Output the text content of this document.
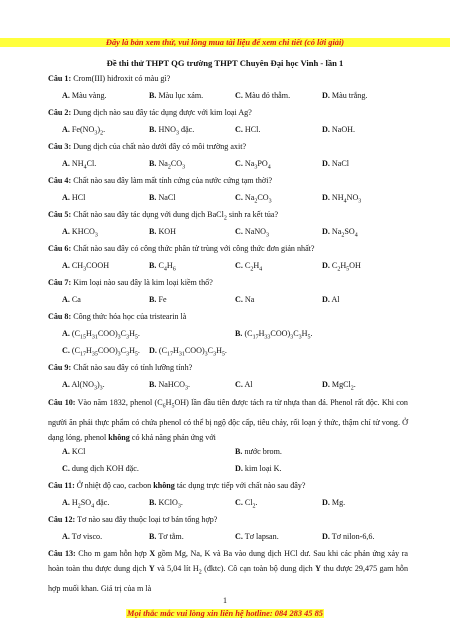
Đây là bản xem thử, vui lòng mua tài liệu để xem chi tiết (có lời giải)
Đề thi thử THPT QG trường THPT Chuyên Đại học Vinh - lần 1
Câu 1: Crom(III) hiđroxit có màu gì?
A. Màu vàng.	B. Màu lục xám.	C. Màu đỏ thẫm.	D. Màu trắng.
Câu 2: Dung dịch nào sau đây tác dụng được với kim loại Ag?
A. $Fe(NO_3)_2$.	B. $HNO_3$ đặc.	C. HCl.	D. NaOH.
Câu 3: Dung dịch của chất nào dưới đây có môi trường axit?
A. $NH_4Cl$.	B. $Na_2CO_3$	C. $Na_3PO_4$	D. NaCl
Câu 4: Chất nào sau đây làm mất tính cứng của nước cứng tạm thời?
A. HCl	B. NaCl	C. $Na_2CO_3$	D. $NH_4NO_3$
Câu 5: Chất nào sau đây tác dụng với dung dịch BaCl$_2$ sinh ra kết tủa?
A. $KHCO_3$	B. KOH	C. NaNO$_3$	D. $Na_2SO_4$
Câu 6: Chất nào sau đây có công thức phân tử trùng với công thức đơn giản nhất?
A. $CH_3COOH$	B. $C_4H_6$	C. $C_2H_4$	D. $C_2H_5OH$
Câu 7: Kim loại nào sau đây là kim loại kiềm thổ?
A. Ca	B. Fe	C. Na	D. Al
Câu 8: Công thức hóa học của tristearin là
A. $(C_{15}H_{31}COO)_3C_3H_5$.	B. $(C_{17}H_{33}COO)_3C_3H_5$.
C. $(C_{17}H_{35}COO)_3C_3H_5$. D. $(C_{17}H_{31}COO)_3C_3H_5$.
Câu 9: Chất nào sau đây có tính lưỡng tính?
A. $Al(NO_3)_3$.	B. NaHCO$_3$.	C. Al	D. MgCl$_2$.
Câu 10: Vào năm 1832, phenol $(C_6H_5OH)$ lần đầu tiên được tách ra từ nhựa than đá. Phenol rất độc. Khi con người ăn phải thực phẩm có chứa phenol có thể bị ngộ độc cấp, tiêu chảy, rối loạn ý thức, thậm chí tử vong. Ở dạng lỏng, phenol không có khả năng phản ứng với
A. KCl	B. nước brom.
C. dung dịch KOH đặc.	D. kim loại K.
Câu 11: Ở nhiệt độ cao, cacbon không tác dụng trực tiếp với chất nào sau đây?
A. $H_2SO_4$ đặc.	B. KClO$_3$.	C. $Cl_2$.	D. Mg.
Câu 12: Tơ nào sau đây thuộc loại tơ bán tổng hợp?
A. Tơ visco.	B. Tơ tằm.	C. Tơ lapsan.	D. Tơ nilon-6,6.
Câu 13: Cho m gam hỗn hợp X gồm Mg, Na, K và Ba vào dung dịch HCl dư. Sau khi các phản ứng xảy ra hoàn toàn thu được dung dịch Y và 5,04 lít $H_2$ (đktc). Cô cạn toàn bộ dung dịch Y thu được 29,475 gam hỗn hợp muối khan. Giá trị của m là
1
Mọi thắc mắc vui lòng xin liên hệ hotline: 084 283 45 85
